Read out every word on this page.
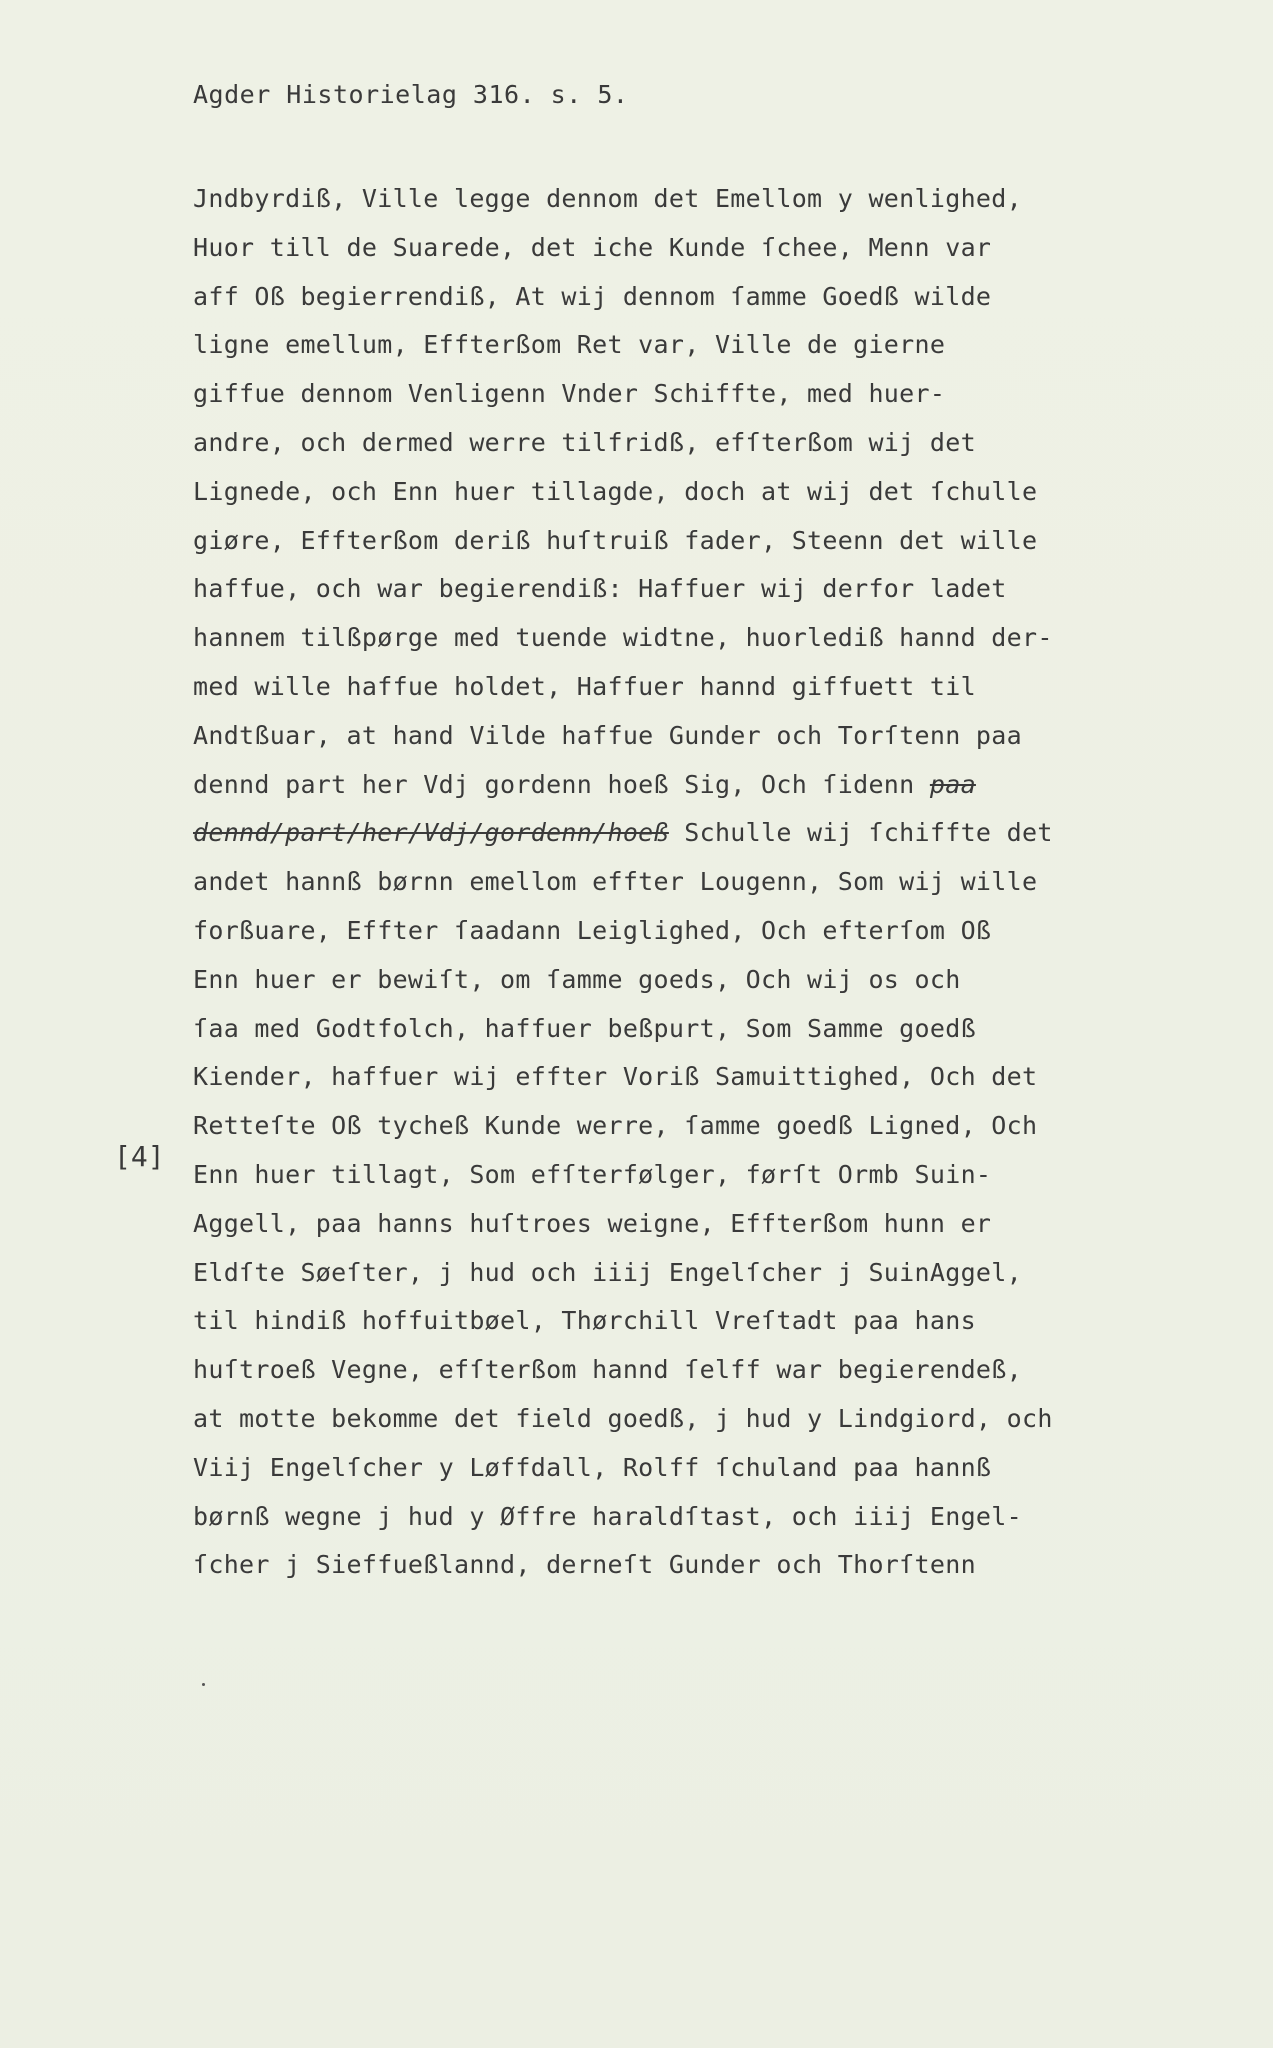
Agder Historielag 316. s. 5.
Jndbyrdiß, Ville legge dennom det Emellom y wenlighed,
Huor till de Suarede, det iche Kunde ſchee, Menn var
aff Oß begierrendiß, At wij dennom ſamme Goedß wilde
ligne emellum, Effterßom Ret var, Ville de gierne
giffue dennom Venligenn Vnder Schiffte, med huer-
andre, och dermed werre tilfridß, efſterßom wij det
Lignede, och Enn huer tillagde, doch at wij det ſchulle
giøre, Effterßom deriß huſtruiß fader, Steenn det wille
haffue, och war begierendiß: Haffuer wij derfor ladet
hannem tilßpørge med tuende widtne, huorlediß hannd der-
med wille haffue holdet, Haffuer hannd giffuett til
Andtßuar, at hand Vilde haffue Gunder och Torſtenn paa
dennd part her Vdj gordenn hoeß Sig, Och ſidenn paa
dennd/part/her/Vdj/gordenn/hoeß Schulle wij ſchiffte det
andet hannß børnn emellom effter Lougenn, Som wij wille
forßuare, Effter ſaadann Leiglighed, Och efterſom Oß
Enn huer er bewiſt, om ſamme goeds, Och wij os och
ſaa med Godtfolch, haffuer beßpurt, Som Samme goedß
Kiender, haffuer wij effter Voriß Samuittighed, Och det
Retteſte Oß tycheß Kunde werre, ſamme goedß Ligned, Och
Enn huer tillagt, Som efſterfølger, førſt Ormb Suin-
Aggell, paa hanns huſtroes weigne, Effterßom hunn er
Eldſte Søeſter, j hud och iiij Engelſcher j SuinAggel,
til hindiß hoffuitbøel, Thørchill Vreſtadt paa hans
huſtroeß Vegne, efſterßom hannd ſelff war begierendeß,
at motte bekomme det field goedß, j hud y Lindgiord, och
Viij Engelſcher y Løffdall, Rolff ſchuland paa hannß
børnß wegne j hud y Øffre haraldſtast, och iiij Engel-
ſcher j Sieffueßlannd, derneſt Gunder och Thorſtenn
[4]
